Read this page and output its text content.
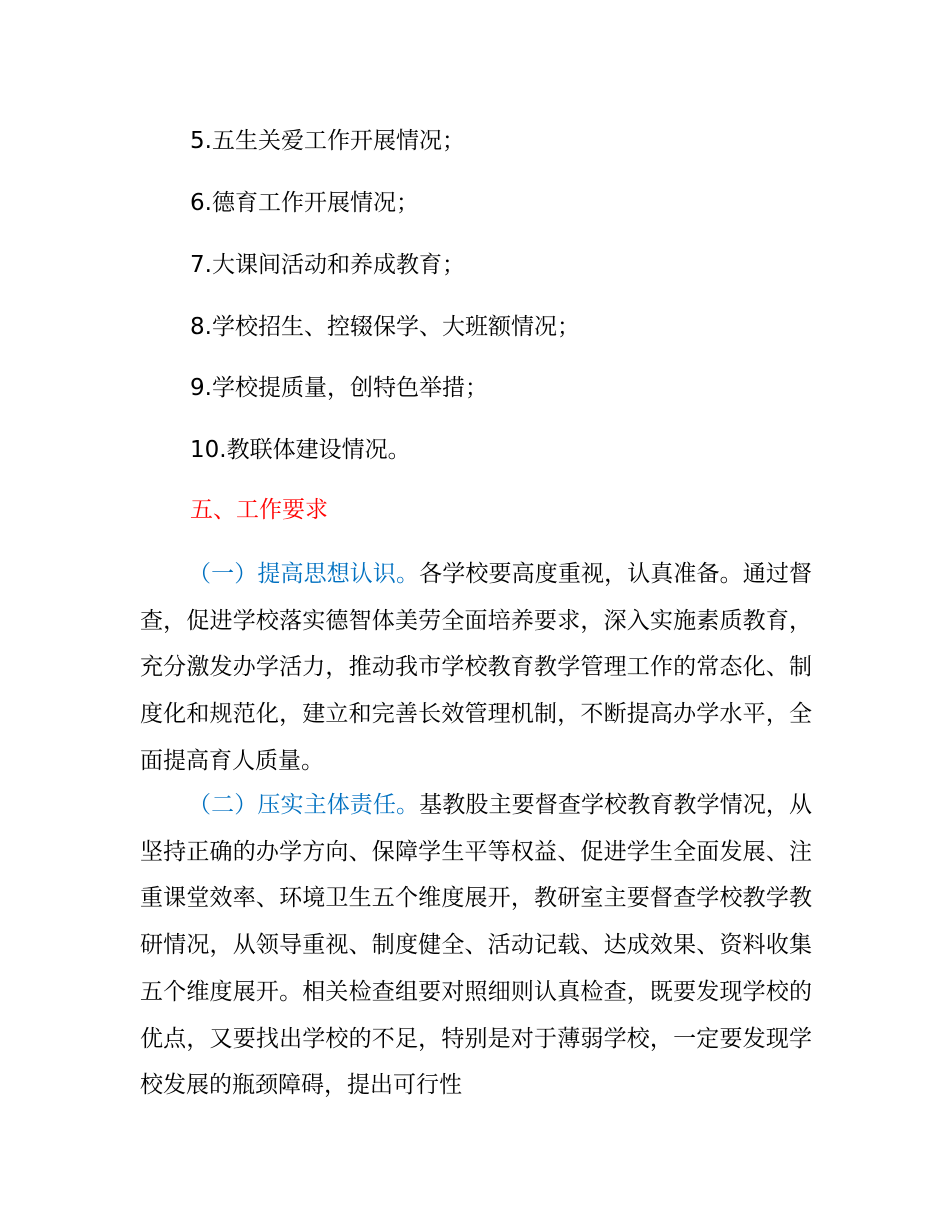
5.五生关爱工作开展情况；
6.德育工作开展情况；
7.大课间活动和养成教育；
8.学校招生、控辍保学、大班额情况；
9.学校提质量，创特色举措；
10.教联体建设情况。
五、工作要求

（一）提高思想认识。各学校要高度重视，认真准备。通过督查，促进学校落实德智体美劳全面培养要求，深入实施素质教育，充分激发办学活力，推动我市学校教育教学管理工作的常态化、制度化和规范化，建立和完善长效管理机制，不断提高办学水平，全面提高育人质量。

（二）压实主体责任。基教股主要督查学校教育教学情况，从坚持正确的办学方向、保障学生平等权益、促进学生全面发展、注重课堂效率、环境卫生五个维度展开，教研室主要督查学校教学教研情况，从领导重视、制度健全、活动记载、达成效果、资料收集五个维度展开。相关检查组要对照细则认真检查，既要发现学校的优点，又要找出学校的不足，特别是对于薄弱学校，一定要发现学校发展的瓶颈障碍，提出可行性
